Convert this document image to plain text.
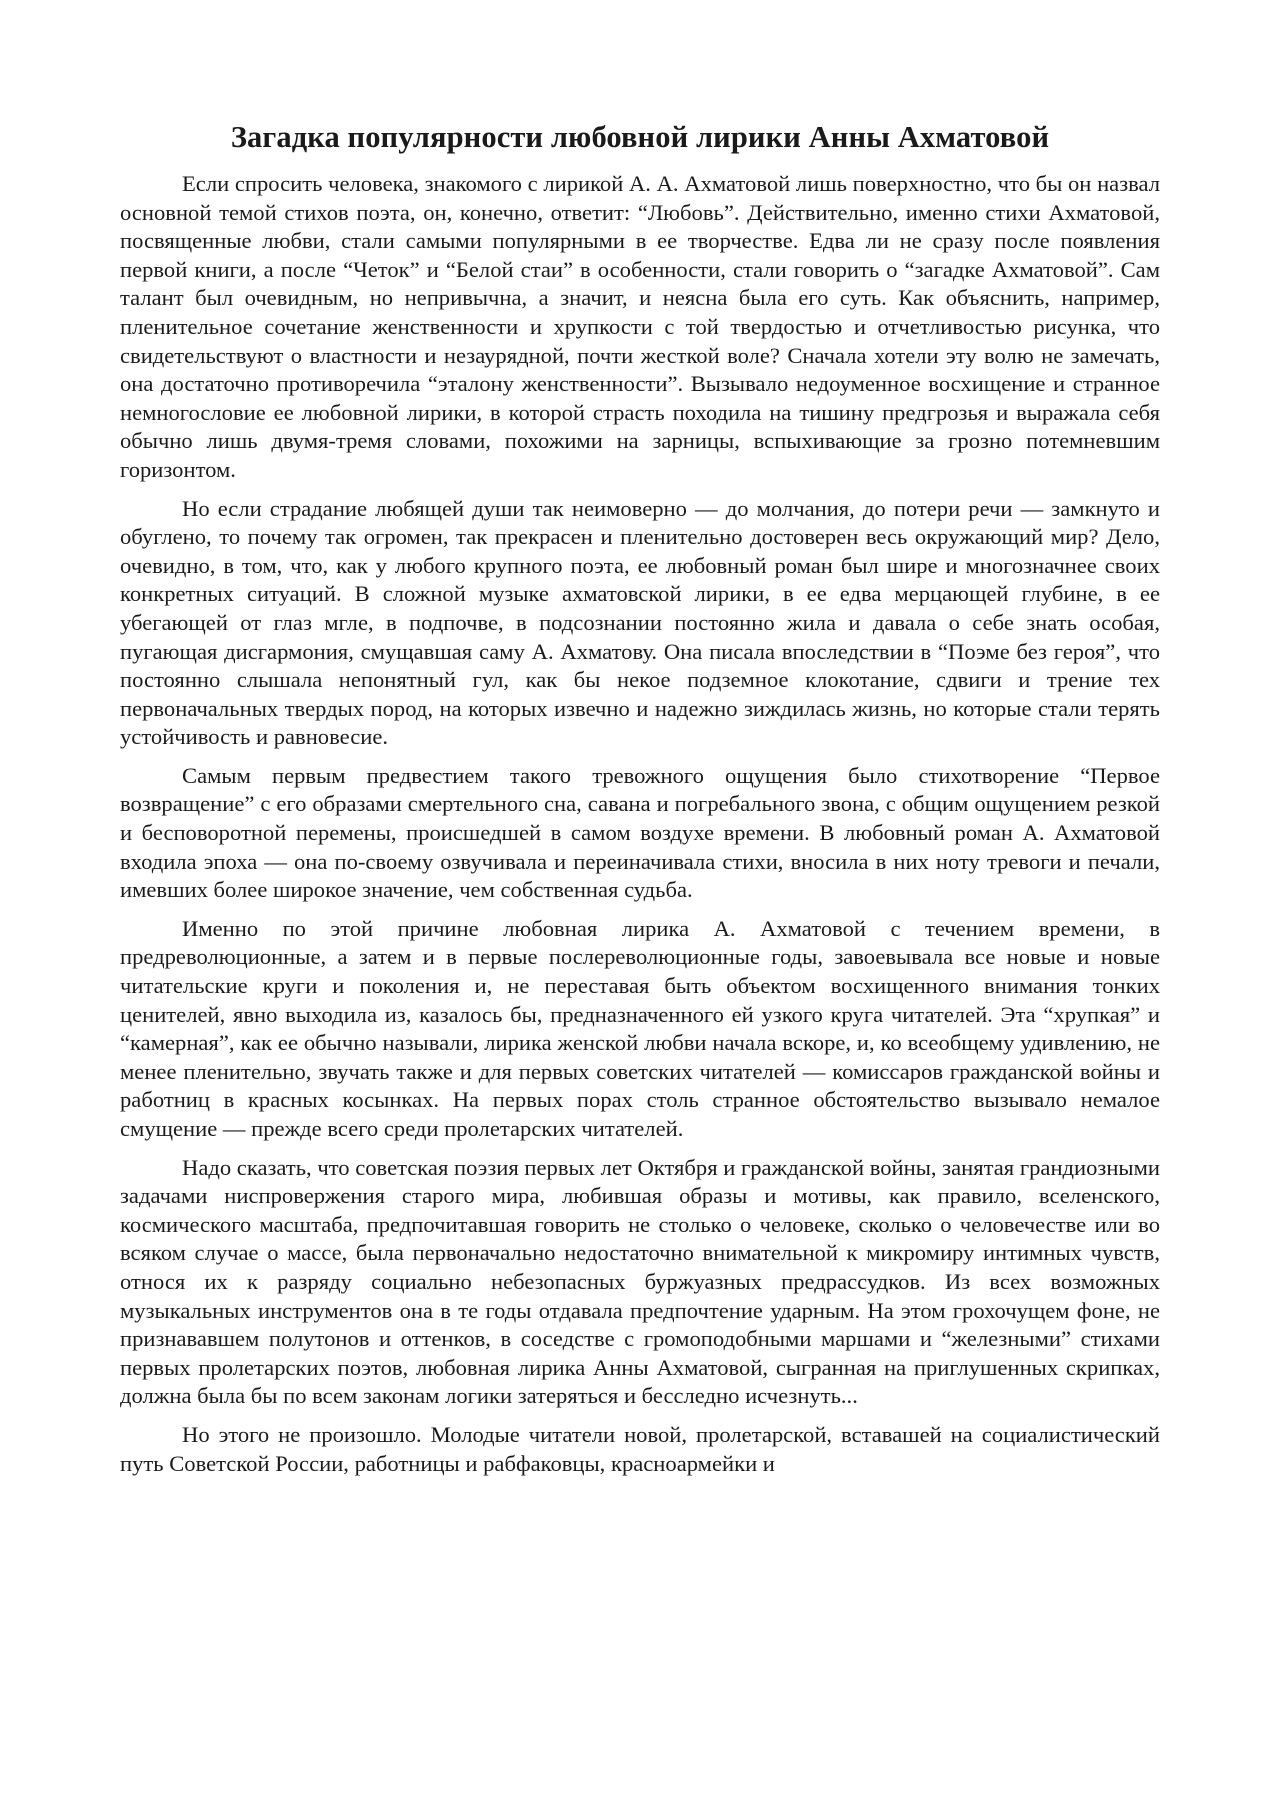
Загадка популярности любовной лирики Анны Ахматовой

Если спросить человека, знакомого с лирикой А. А. Ахматовой лишь поверхностно, что бы он назвал основной темой стихов поэта, он, конечно, ответит: “Любовь”. Действительно, именно стихи Ахматовой, посвященные любви, стали самыми популярными в ее творчестве. Едва ли не сразу после появления первой книги, а после “Четок” и “Белой стаи” в особенности, стали говорить о “загадке Ахматовой”. Сам талант был очевидным, но непривычна, а значит, и неясна была его суть. Как объяснить, например, пленительное сочетание женственности и хрупкости с той твердостью и отчетливостью рисунка, что свидетельствуют о властности и незаурядной, почти жесткой воле? Сначала хотели эту волю не замечать, она достаточно противоречила “эталону женственности”. Вызывало недоуменное восхищение и странное немногословие ее любовной лирики, в которой страсть походила на тишину предгрозья и выражала себя обычно лишь двумя-тремя словами, похожими на зарницы, вспыхивающие за грозно потемневшим горизонтом.

Но если страдание любящей души так неимоверно — до молчания, до потери речи — замкнуто и обуглено, то почему так огромен, так прекрасен и пленительно достоверен весь окружающий мир? Дело, очевидно, в том, что, как у любого крупного поэта, ее любовный роман был шире и многозначнее своих конкретных ситуаций. В сложной музыке ахматовской лирики, в ее едва мерцающей глубине, в ее убегающей от глаз мгле, в подпочве, в подсознании постоянно жила и давала о себе знать особая, пугающая дисгармония, смущавшая саму А. Ахматову. Она писала впоследствии в “Поэме без героя”, что постоянно слышала непонятный гул, как бы некое подземное клокотание, сдвиги и трение тех первоначальных твердых пород, на которых извечно и надежно зиждилась жизнь, но которые стали терять устойчивость и равновесие.

Самым первым предвестием такого тревожного ощущения было стихотворение “Первое возвращение” с его образами смертельного сна, савана и погребального звона, с общим ощущением резкой и бесповоротной перемены, происшедшей в самом воздухе времени. В любовный роман А. Ахматовой входила эпоха — она по-своему озвучивала и переиначивала стихи, вносила в них ноту тревоги и печали, имевших более широкое значение, чем собственная судьба.

Именно по этой причине любовная лирика А. Ахматовой с течением времени, в предреволюционные, а затем и в первые послереволюционные годы, завоевывала все новые и новые читательские круги и поколения и, не переставая быть объектом восхищенного внимания тонких ценителей, явно выходила из, казалось бы, предназначенного ей узкого круга читателей. Эта “хрупкая” и “камерная”, как ее обычно называли, лирика женской любви начала вскоре, и, ко всеобщему удивлению, не менее пленительно, звучать также и для первых советских читателей — комиссаров гражданской войны и работниц в красных косынках. На первых порах столь странное обстоятельство вызывало немалое смущение — прежде всего среди пролетарских читателей.

Надо сказать, что советская поэзия первых лет Октября и гражданской войны, занятая грандиозными задачами ниспровержения старого мира, любившая образы и мотивы, как правило, вселенского, космического масштаба, предпочитавшая говорить не столько о человеке, сколько о человечестве или во всяком случае о массе, была первоначально недостаточно внимательной к микромиру интимных чувств, относя их к разряду социально небезопасных буржуазных предрассудков. Из всех возможных музыкальных инструментов она в те годы отдавала предпочтение ударным. На этом грохочущем фоне, не признававшем полутонов и оттенков, в соседстве с громоподобными маршами и “железными” стихами первых пролетарских поэтов, любовная лирика Анны Ахматовой, сыгранная на приглушенных скрипках, должна была бы по всем законам логики затеряться и бесследно исчезнуть...

Но этого не произошло. Молодые читатели новой, пролетарской, вставашей на социалистический путь Советской России, работницы и рабфаковцы, красноармейки и
